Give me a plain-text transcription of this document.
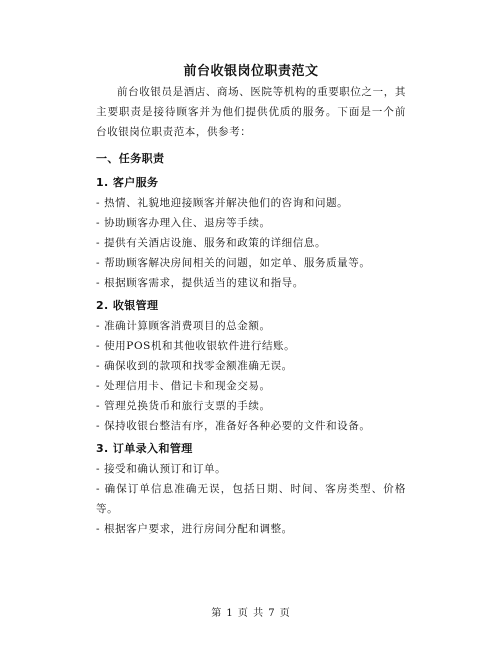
前台收银岗位职责范文
前台收银员是酒店、商场、医院等机构的重要职位之一，其主要职责是接待顾客并为他们提供优质的服务。下面是一个前台收银岗位职责范本，供参考：
一、任务职责
1. 客户服务
- 热情、礼貌地迎接顾客并解决他们的咨询和问题。
- 协助顾客办理入住、退房等手续。
- 提供有关酒店设施、服务和政策的详细信息。
- 帮助顾客解决房间相关的问题，如定单、服务质量等。
- 根据顾客需求，提供适当的建议和指导。
2. 收银管理
- 准确计算顾客消费项目的总金额。
- 使用POS机和其他收银软件进行结账。
- 确保收到的款项和找零金额准确无误。
- 处理信用卡、借记卡和现金交易。
- 管理兑换货币和旅行支票的手续。
- 保持收银台整洁有序，准备好各种必要的文件和设备。
3. 订单录入和管理
- 接受和确认预订和订单。
- 确保订单信息准确无误，包括日期、时间、客房类型、价格等。
- 根据客户要求，进行房间分配和调整。
第 1 页 共 7 页
